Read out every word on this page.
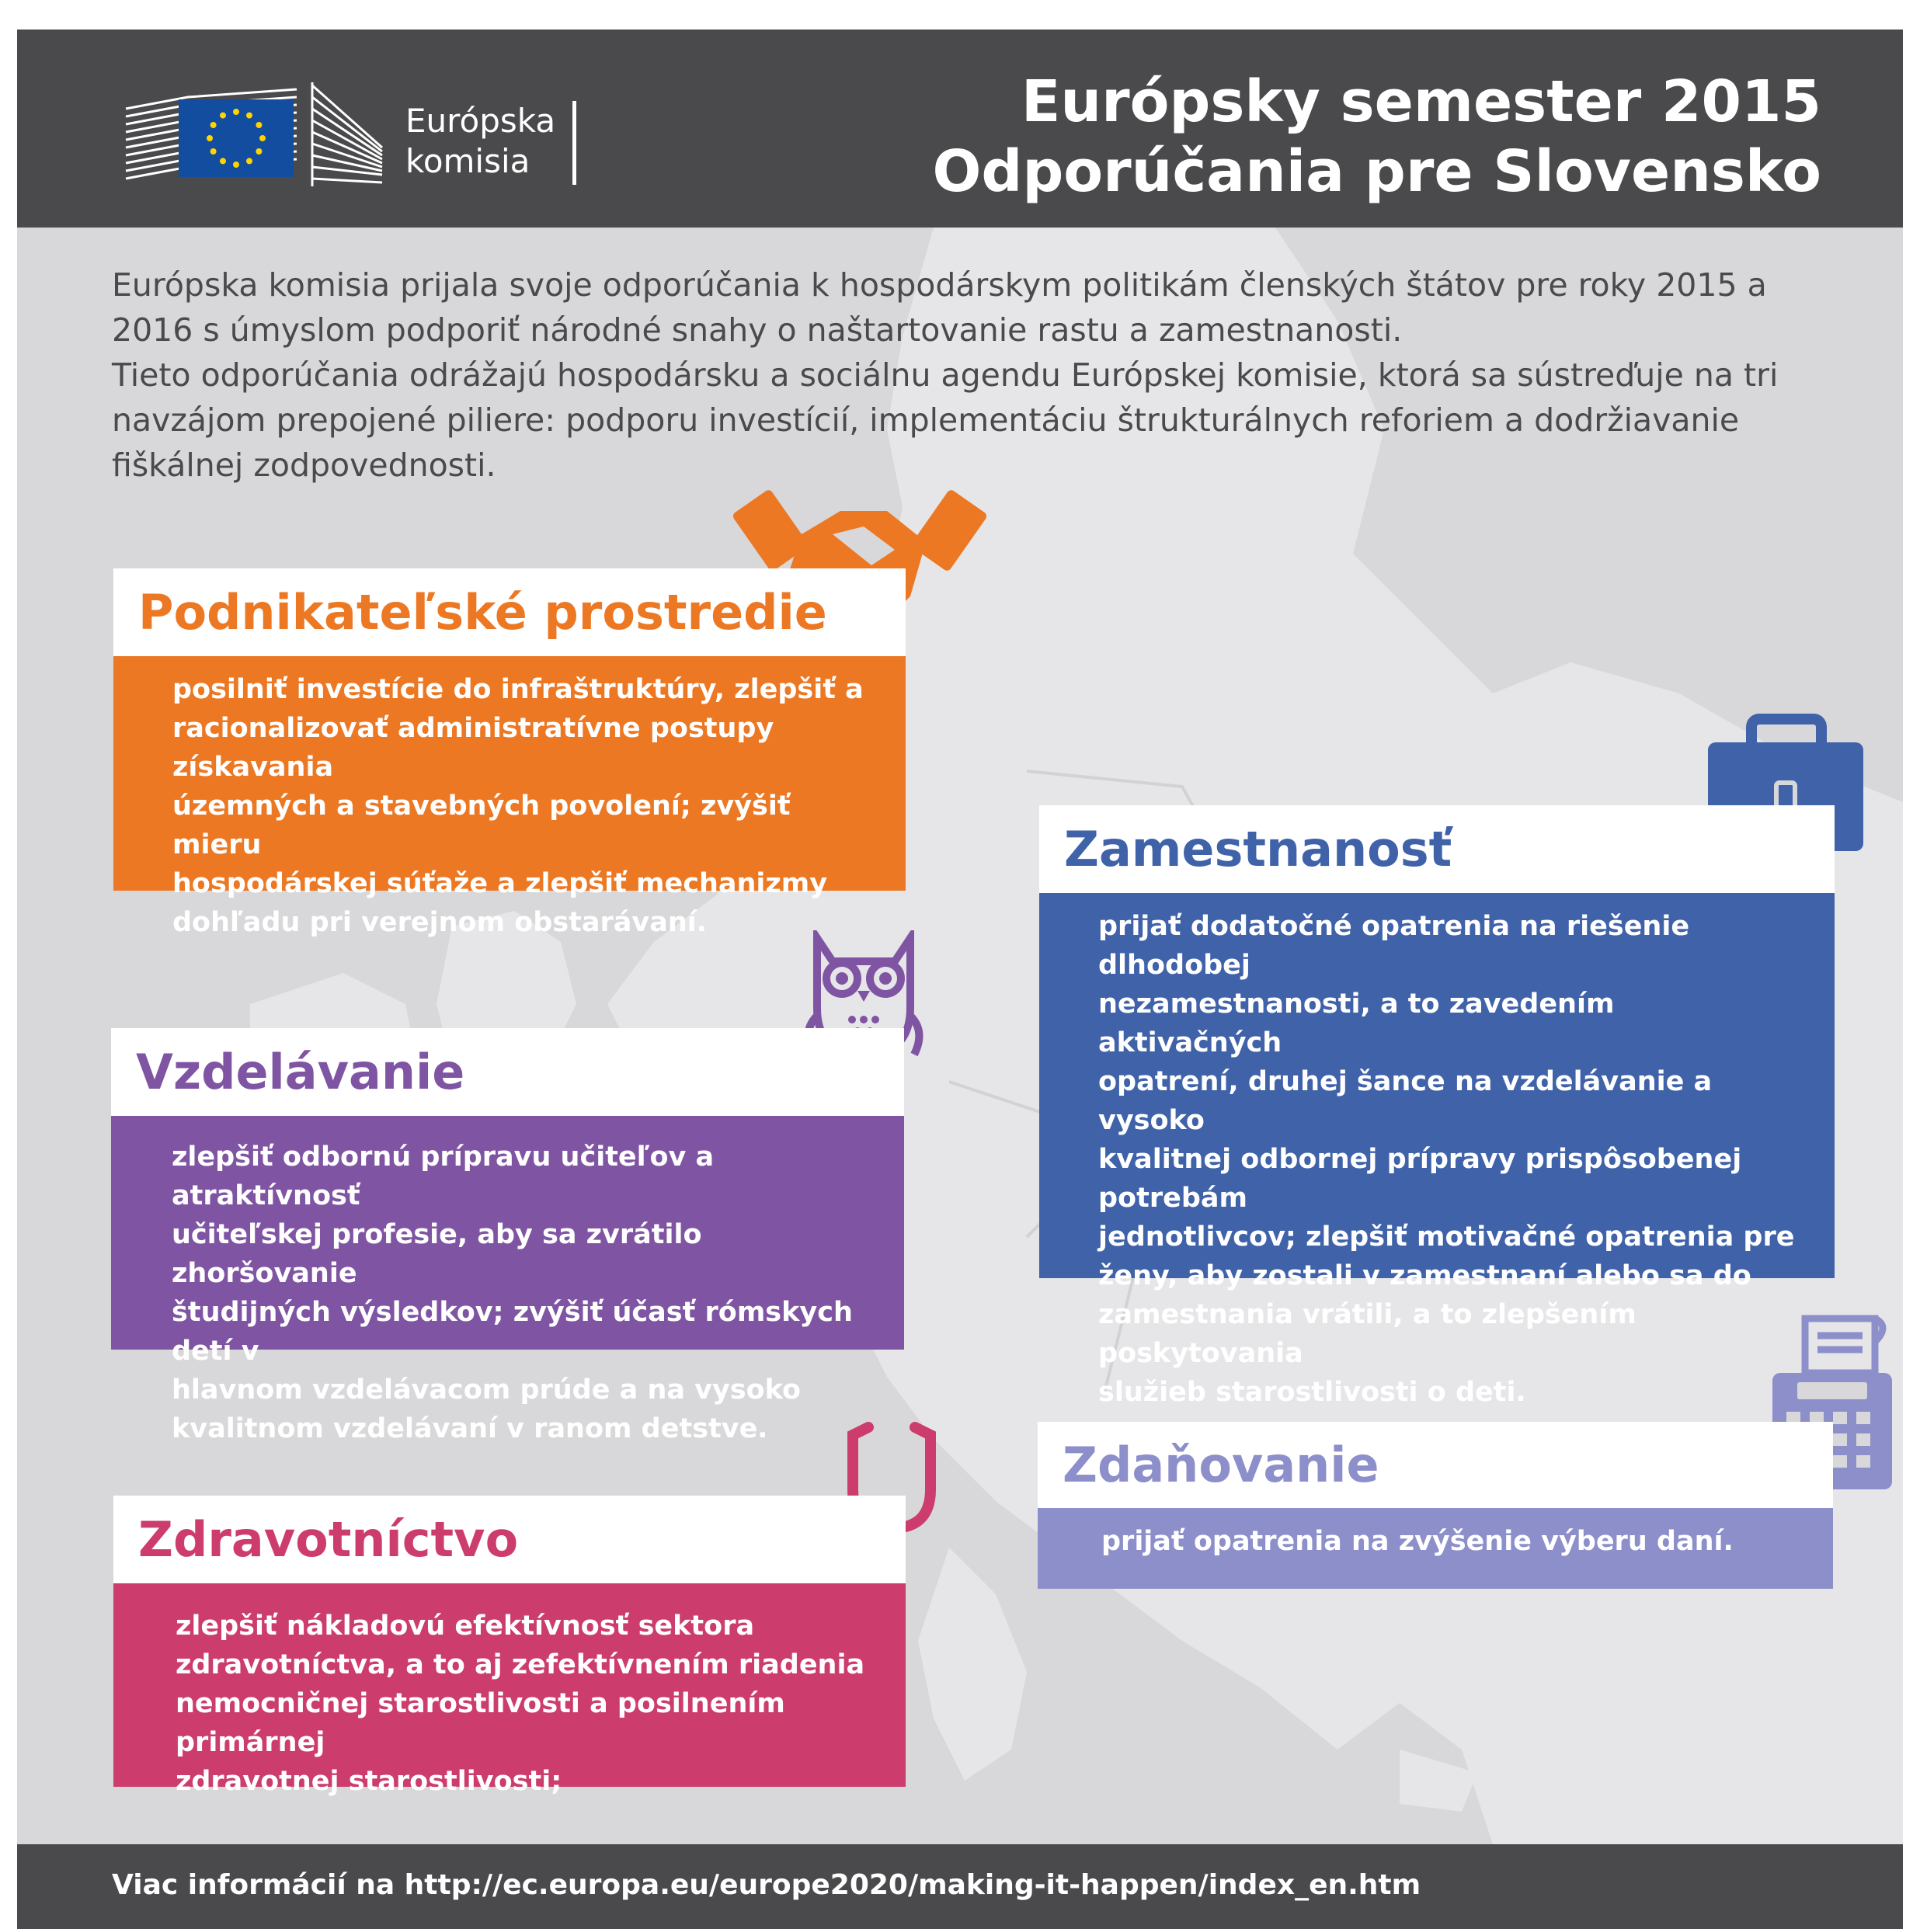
Európska
komisia
Európsky semester 2015
Odporúčania pre Slovensko

Európska komisia prijala svoje odporúčania k hospodárskym politikám členských štátov pre roky 2015 a 2016 s úmyslom podporiť národné snahy o naštartovanie rastu a zamestnanosti.

Tieto odporúčania odrážajú hospodársku a sociálnu agendu Európskej komisie, ktorá sa sústreďuje na tri navzájom prepojené piliere: podporu investícií, implementáciu štrukturálnych reforiem a dodržiavanie fiškálnej zodpovednosti.

Podnikateľské prostredie
posilniť investície do infraštruktúry, zlepšiť a
racionalizovať administratívne postupy získavania
územných a stavebných povolení; zvýšiť mieru
hospodárskej súťaže a zlepšiť mechanizmy
dohľadu pri verejnom obstarávaní.
Zamestnanosť
prijať dodatočné opatrenia na riešenie dlhodobej
nezamestnanosti, a to zavedením aktivačných
opatrení, druhej šance na vzdelávanie a vysoko
kvalitnej odbornej prípravy prispôsobenej
potrebám
jednotlivcov; zlepšiť motivačné opatrenia pre
ženy, aby zostali v zamestnaní alebo sa do
zamestnania vrátili, a to zlepšením poskytovania
služieb starostlivosti o deti.
Vzdelávanie
zlepšiť odbornú prípravu učiteľov a atraktívnosť
učiteľskej profesie, aby sa zvrátilo zhoršovanie
študijných výsledkov; zvýšiť účasť rómskych detí v
hlavnom vzdelávacom prúde a na vysoko
kvalitnom vzdelávaní v ranom detstve.
Zdaňovanie
prijať opatrenia na zvýšenie výberu daní.
Zdravotníctvo
zlepšiť nákladovú efektívnosť sektora
zdravotníctva, a to aj zefektívnením riadenia
nemocničnej starostlivosti a posilnením primárnej
zdravotnej starostlivosti;
Viac informácií na http://ec.europa.eu/europe2020/making-it-happen/index_en.htm
